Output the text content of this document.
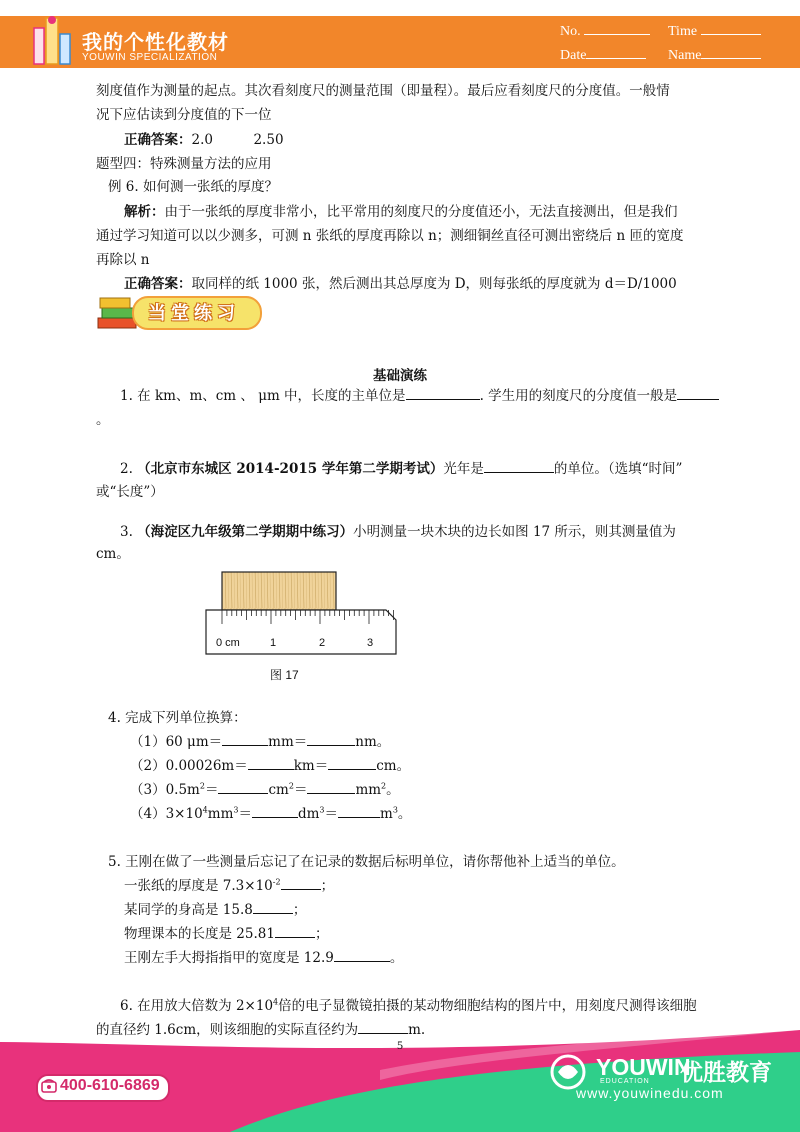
我的个性化教材
YOUWIN SPECIALIZATION
No.	Time
Date	Name
刻度值作为测量的起点。其次看刻度尺的测量范围（即量程）。最后应看刻度尺的分度值。一般情
况下应估读到分度值的下一位
正确答案：2.0　　　2.50
题型四：特殊测量方法的应用
例 6. 如何测一张纸的厚度？
解析：由于一张纸的厚度非常小，比平常用的刻度尺的分度值还小，无法直接测出，但是我们
通过学习知道可以以少测多，可测 n 张纸的厚度再除以 n；测细铜丝直径可测出密绕后 n 匝的宽度
再除以 n
正确答案：取同样的纸 1000 张，然后测出其总厚度为 D，则每张纸的厚度就为 d＝D/1000
当堂练习
基础演练
1. 在 km、m、cm 、 μm 中，长度的主单位是	. 学生用的刻度尺的分度值一般是
。
2. （北京市东城区 2014-2015 学年第二学期考试）光年是	的单位。（选填“时间”
或“长度”）
3. （海淀区九年级第二学期期中练习）小明测量一块木块的边长如图 17 所示，则其测量值为
cm。
0 cm	1	2	3
图 17
4. 完成下列单位换算：
（1）60 μm＝	mm＝	nm。
（2）0.00026m＝	km＝	cm。
$(3)0.5m^2=$	$cm^2=$	$mm^2$。
$(4)3\times 10^4mm^3=$	$dm^3=$	$m^3$。
5. 王刚在做了一些测量后忘记了在记录的数据后标明单位，请你帮他补上适当的单位。
一张纸的厚度是 $7.3\times 10^{-2}$	；
某同学的身高是 15.8	；
物理课本的长度是 25.81	；
王刚左手大拇指指甲的宽度是 12.9	。
6. 在用放大倍数为 $2\times 10^4$倍的电子显微镜拍摄的某动物细胞结构的图片中，用刻度尺测得该细胞
的直径约 1.6cm，则该细胞的实际直径约为	m.
5
400-610-6869
YOUWIN
优胜教育
EDUCATION
www.youwinedu.com
